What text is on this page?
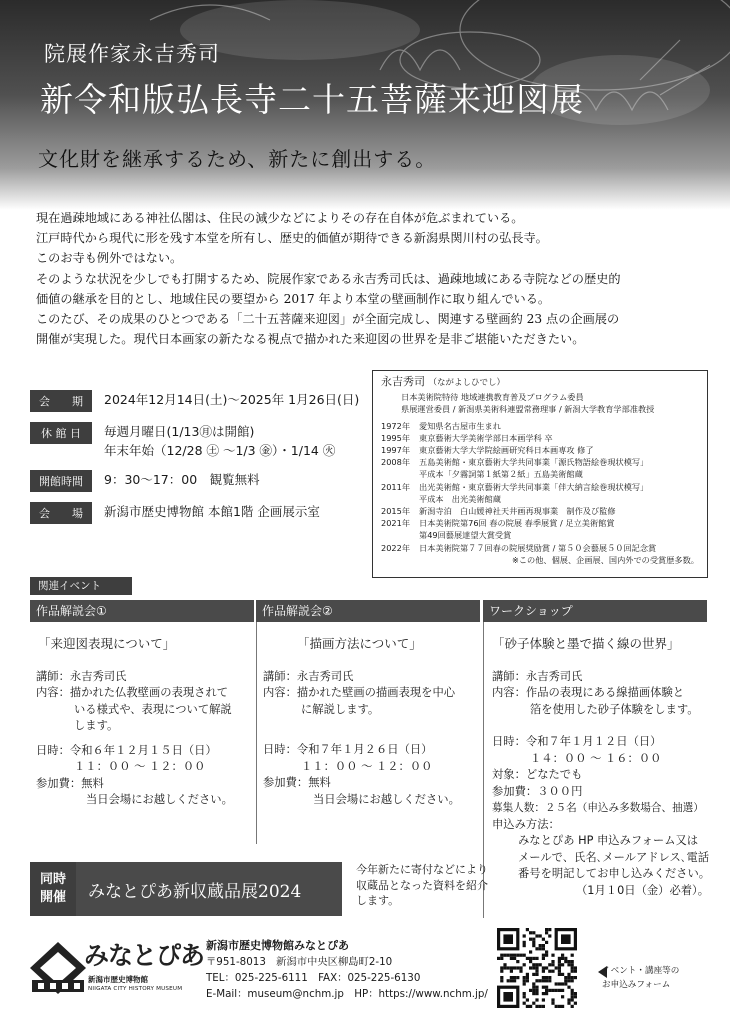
院展作家永吉秀司
新令和版弘長寺二十五菩薩来迎図展
文化財を継承するため、新たに創出する。

現在過疎地域にある神社仏閣は、住民の減少などによりその存在自体が危ぶまれている。

江戸時代から現代に形を残す本堂を所有し、歴史的価値が期待できる新潟県関川村の弘長寺。

このお寺も例外ではない。

そのような状況を少しでも打開するため、院展作家である永吉秀司氏は、過疎地域にある寺院などの歴史的

価値の継承を目的とし、地域住民の要望から 2017 年より本堂の壁画制作に取り組んでいる。

このたび、その成果のひとつである「二十五菩薩来迎図」が全面完成し、関連する壁画約 23 点の企画展の

開催が実現した。現代日本画家の新たなる視点で描かれた来迎図の世界を是非ご堪能いただきたい。

会　　期	2024年12月14日(土)〜2025年 1月26日(日)
休 館 日	毎週月曜日(1/13㊊は開館)
年末年始（12/28 ㊏ 〜1/3 ㊎）・1/14 ㊋
開館時間	9：30〜17：00　観覧無料
会　　場	新潟市歴史博物館 本館1階 企画展示室
永吉秀司 （ながよしひでし）
日本美術院特待 地域連携教育普及プログラム委員
県展運営委員 / 新潟県美術科連盟常務理事 / 新潟大学教育学部准教授
1972年	愛知県名古屋市生まれ
1995年	東京藝術大学美術学部日本画学科 卒
1997年	東京藝術大学大学院絵画研究科日本画専攻 修了
2008年	五島美術館・東京藝術大学共同事業「源氏物語絵巻現状模写」
平成本「夕霧詞第１紙第２紙」五島美術館蔵
2011年	出光美術館・東京藝術大学共同事業「伴大納言絵巻現状模写」
平成本　出光美術館蔵
2015年	新潟寺泊　白山媛神社天井画再現事業　制作及び監修
2021年	日本美術院第76回 春の院展 春季展賞 / 足立美術館賞
第49回藝展達望大賞受賞
2022年	日本美術院第７７回春の院展奨励賞 / 第５０会藝展５０回記念賞
※この他、個展、企画展、国内外での受賞歴多数。
関連イベント
作品解説会①
「来迎図表現について」
講師：永吉秀司氏
内容：描かれた仏教壁画の表現されて
いる様式や、表現について解説
します。
日時：令和６年１２月１５日（日）
１１：００ 〜 １２：００
参加費：無料
当日会場にお越しください。
作品解説会②
「描画方法について」
講師：永吉秀司氏
内容：描かれた壁画の描画表現を中心
に解説します。
日時：令和７年１月２６日（日）
１１：００ 〜 １２：００
参加費：無料
当日会場にお越しください。
ワークショップ
「砂子体験と墨で描く線の世界」
講師：永吉秀司氏
内容：作品の表現にある線描画体験と
箔を使用した砂子体験をします。
日時：令和７年１月１２日（日）
１４：００ 〜 １６：００
対象：どなたでも
参加費：３００円
募集人数：２５名（申込み多数場合、抽選）
申込み方法：
みなとぴあ HP 申込みフォーム又は
メールで、氏名､メールアドレス､電話
番号を明記してお申し込みください。
（1月１0日（金）必着）。
同時
開催	みなとぴあ新収蔵品展2024
今年新たに寄付などにより
収蔵品となった資料を紹介
します。
みなとぴあ
新潟市歴史博物館
NIIGATA CITY HISTORY MUSEUM
新潟市歴史博物館みなとぴあ
〒951-8013　新潟市中央区柳島町2-10
TEL：025-225-6111　FAX：025-225-6130
E-Mail：museum@nchm.jp　HP：https://www.nchm.jp/
イベント・講座等の
お申込みフォーム
